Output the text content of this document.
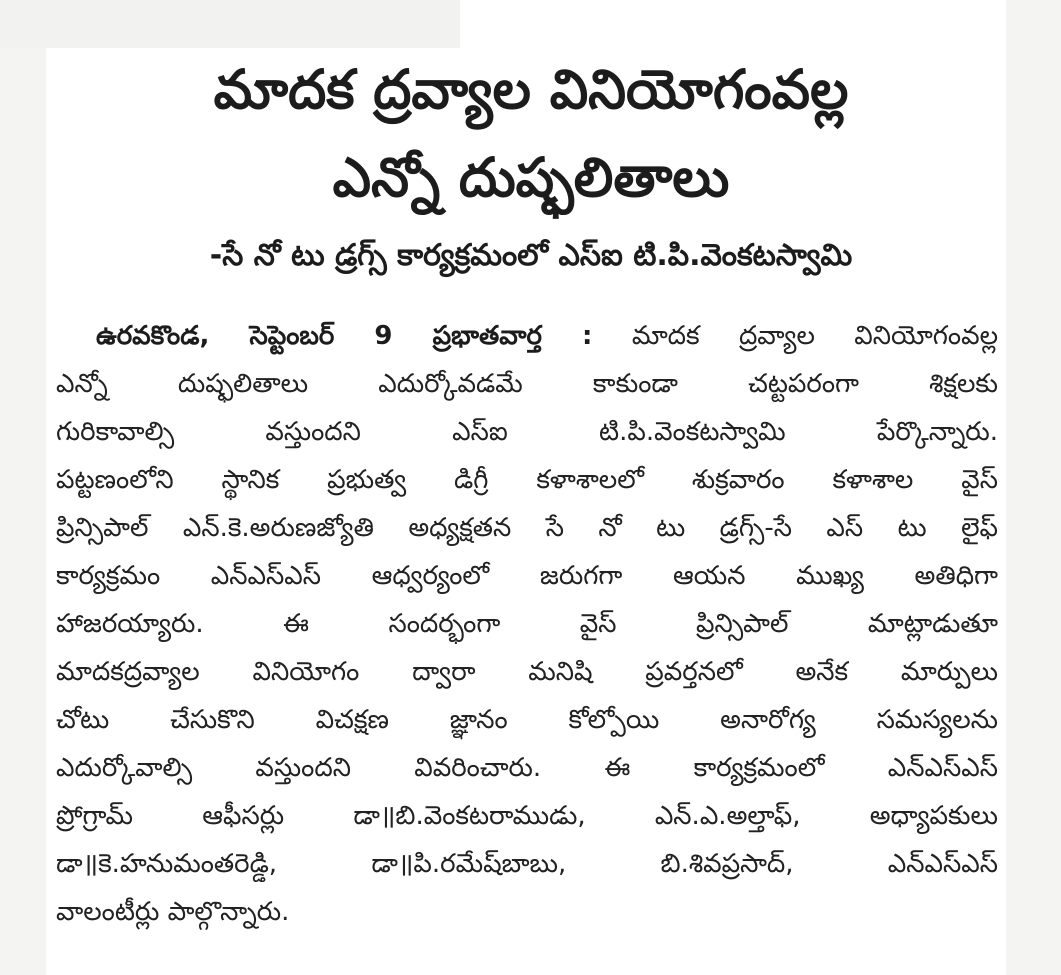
మాదక ద్రవ్యాల వినియోగంవల్ల
ఎన్నో దుష్ఫలితాలు
-సే నో టు డ్రగ్స్ కార్యక్రమంలో ఎస్ఐ టి.పి.వెంకటస్వామి

ఉరవకొండ, సెప్టెంబర్ 9 ప్రభాతవార్త : మాదక ద్రవ్యాల వినియోగంవల్ల

ఎన్నో దుష్ఫలితాలు ఎదుర్కోవడమే కాకుండా చట్టపరంగా శిక్షలకు

గురికావాల్సి వస్తుందని ఎస్ఐ టి.పి.వెంకటస్వామి పేర్కొన్నారు.

పట్టణంలోని స్థానిక ప్రభుత్వ డిగ్రీ కళాశాలలో శుక్రవారం కళాశాల వైస్

ప్రిన్సిపాల్ ఎన్.కె.అరుణజ్యోతి అధ్యక్షతన సే నో టు డ్రగ్స్-సే ఎస్ టు లైఫ్

కార్యక్రమం ఎన్ఎస్ఎస్ ఆధ్వర్యంలో జరుగగా ఆయన ముఖ్య అతిధిగా

హాజరయ్యారు. ఈ సందర్భంగా వైస్ ప్రిన్సిపాల్ మాట్లాడుతూ

మాదకద్రవ్యాల వినియోగం ద్వారా మనిషి ప్రవర్తనలో అనేక మార్పులు

చోటు చేసుకొని విచక్షణ జ్ఞానం కోల్పోయి అనారోగ్య సమస్యలను

ఎదుర్కోవాల్సి వస్తుందని వివరించారు. ఈ కార్యక్రమంలో ఎన్ఎస్ఎస్

ప్రోగ్రామ్ ఆఫీసర్లు డా॥బి.వెంకటరాముడు, ఎన్.ఎ.అల్తాఫ్, అధ్యాపకులు

డా॥కె.హనుమంతరెడ్డి, డా॥పి.రమేష్‌బాబు, బి.శివప్రసాద్, ఎన్ఎస్ఎస్

వాలంటీర్లు పాల్గొన్నారు.
